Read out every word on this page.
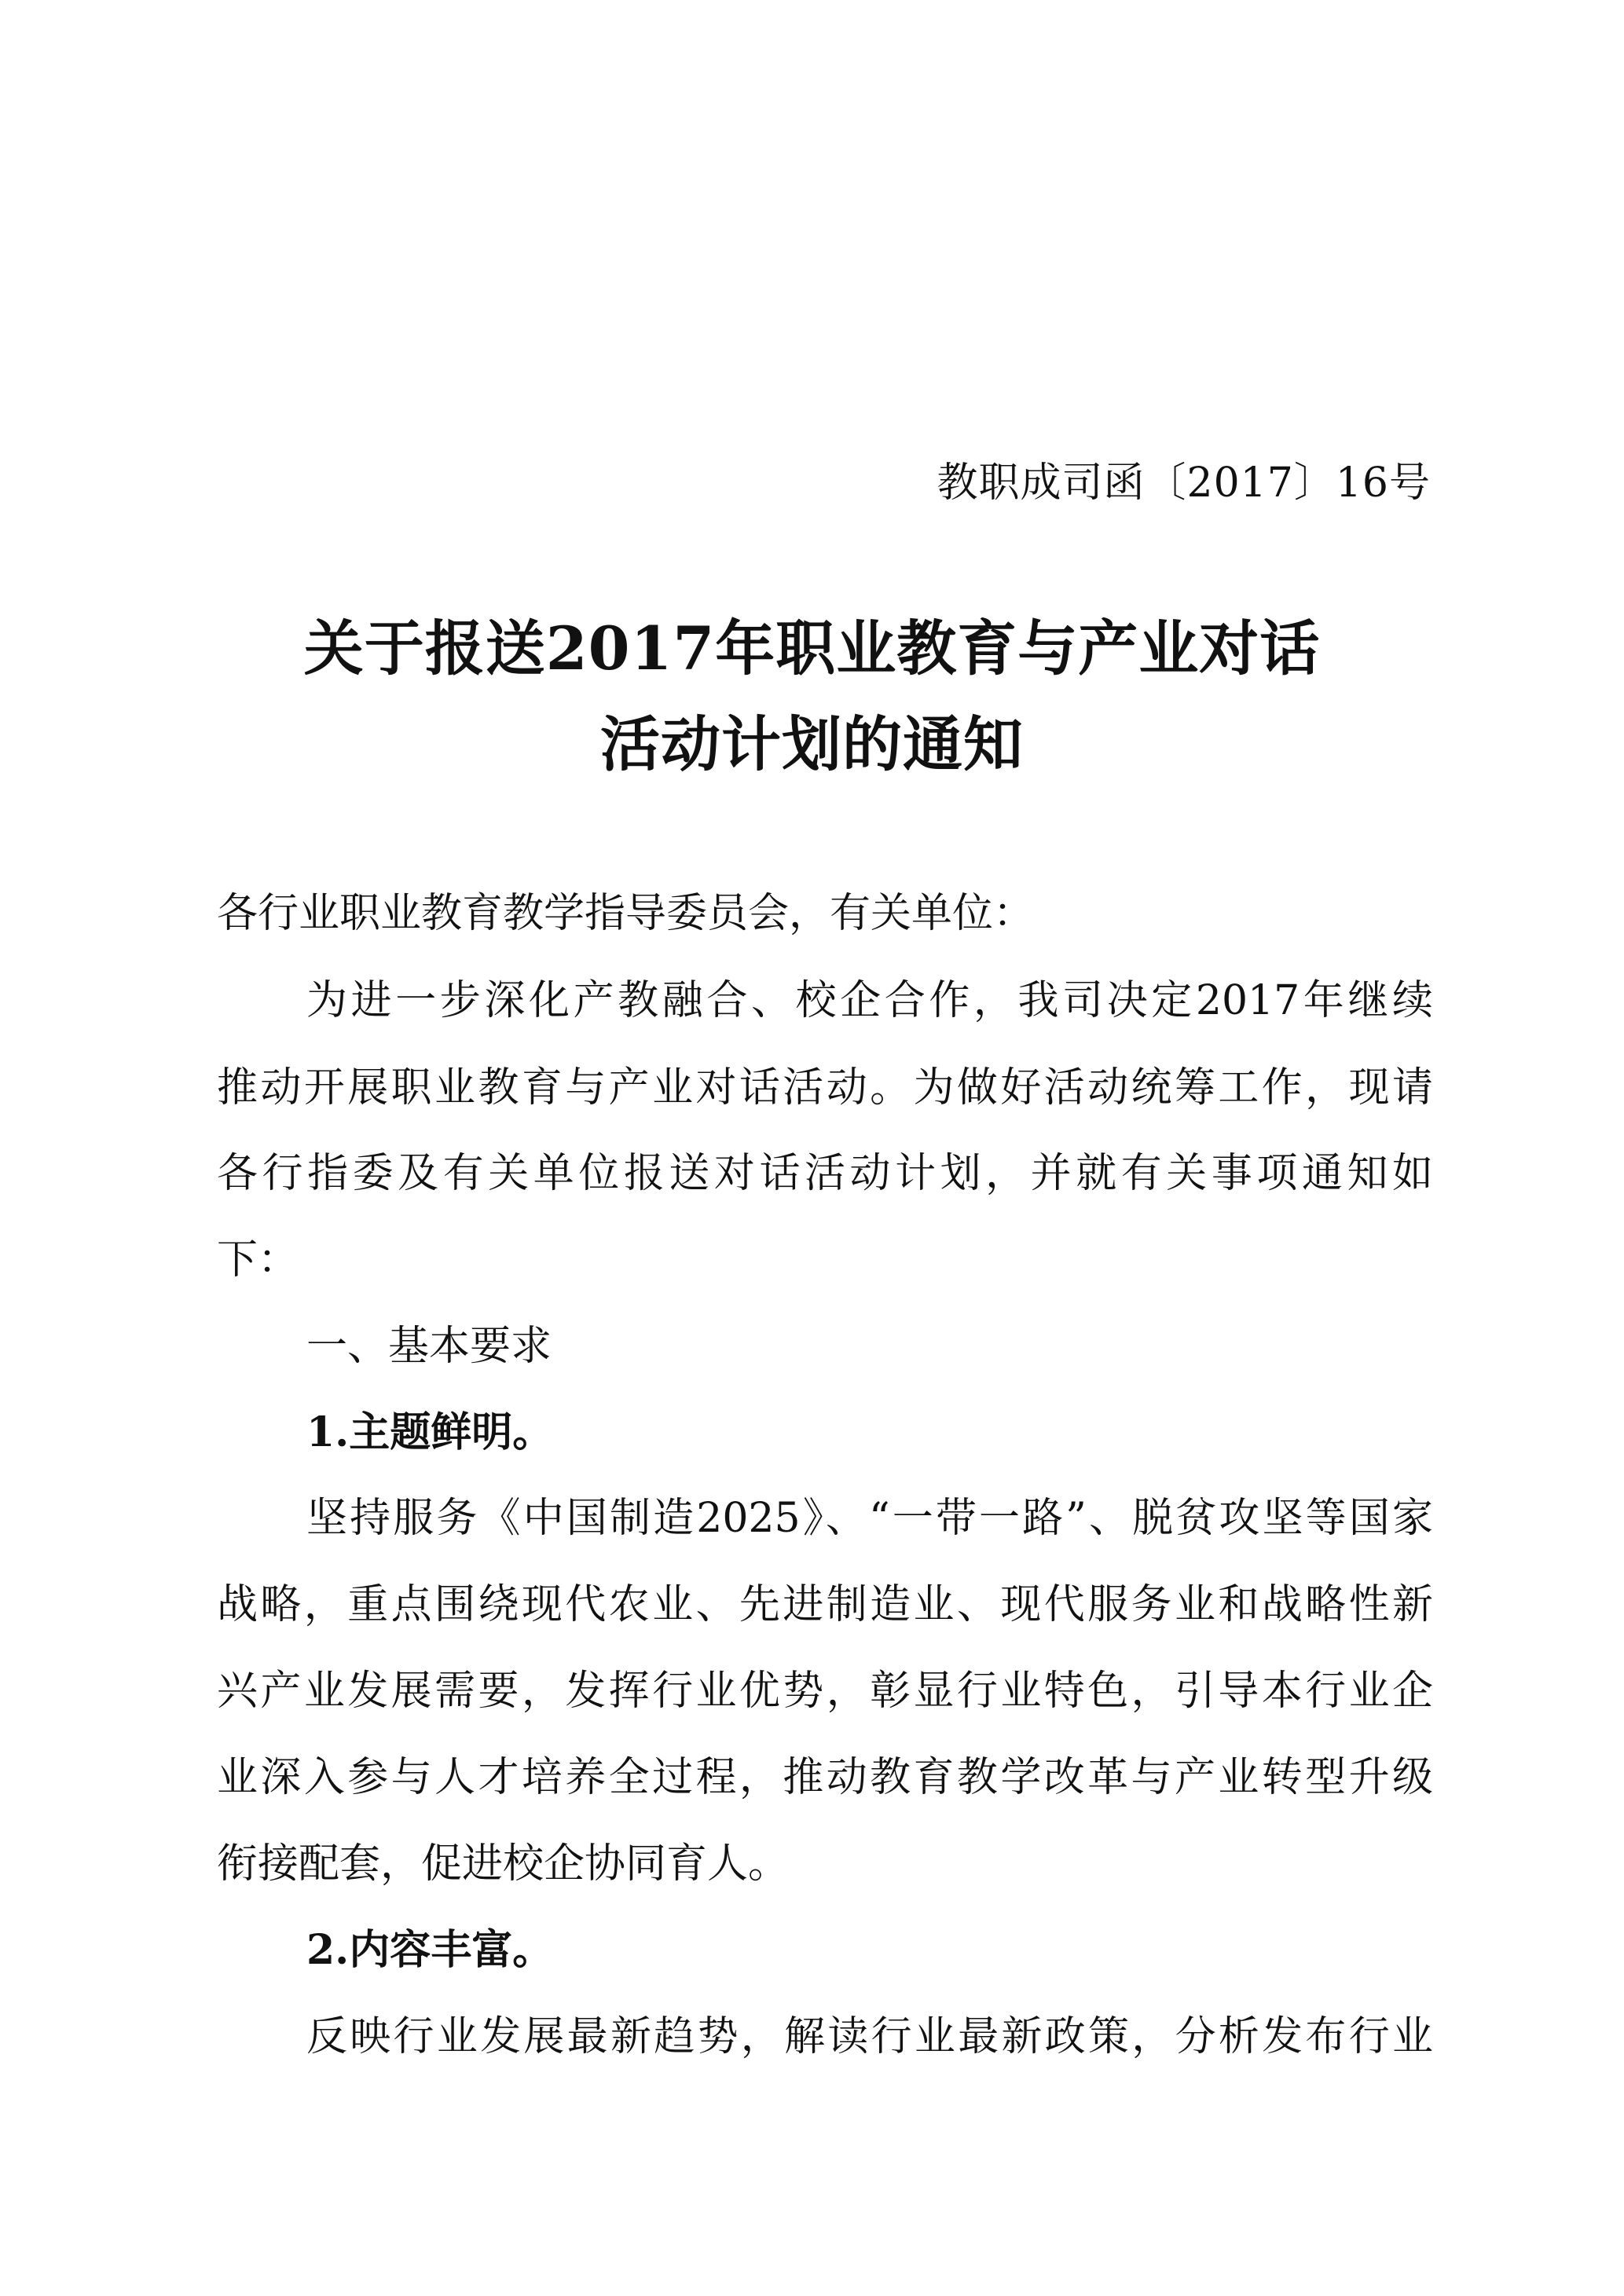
教职成司函〔2017〕16号
关于报送2017年职业教育与产业对话
活动计划的通知
各行业职业教育教学指导委员会，有关单位：
为进一步深化产教融合、校企合作，我司决定2017年继续
推动开展职业教育与产业对话活动。为做好活动统筹工作，现请
各行指委及有关单位报送对话活动计划，并就有关事项通知如
下：
一、基本要求
1.主题鲜明。
坚持服务《中国制造2025》、“一带一路”、脱贫攻坚等国家
战略，重点围绕现代农业、先进制造业、现代服务业和战略性新
兴产业发展需要，发挥行业优势，彰显行业特色，引导本行业企
业深入参与人才培养全过程，推动教育教学改革与产业转型升级
衔接配套，促进校企协同育人。
2.内容丰富。
反映行业发展最新趋势，解读行业最新政策，分析发布行业
